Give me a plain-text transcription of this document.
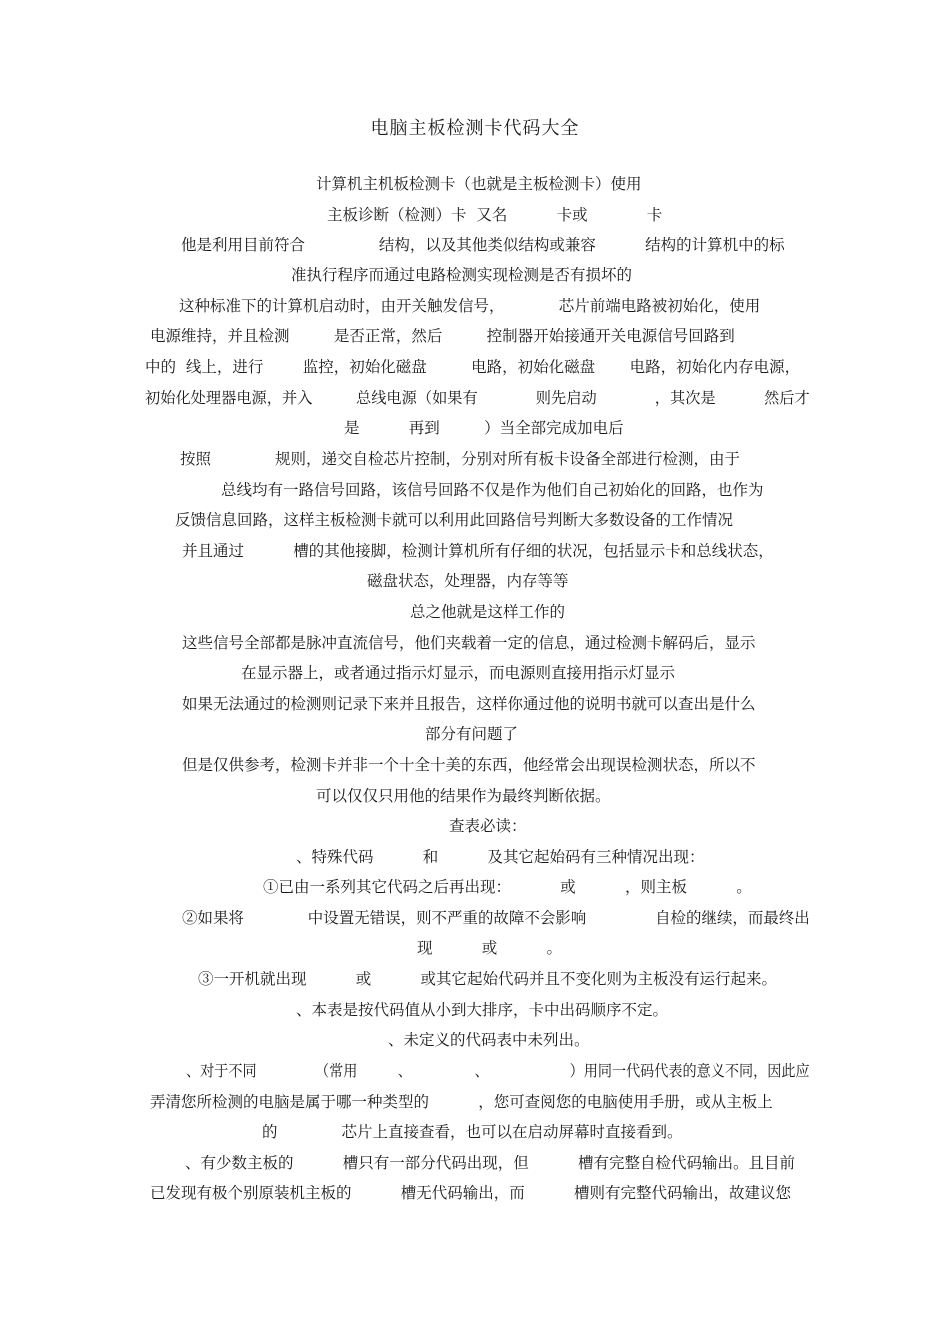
电脑主板检测卡代码大全
计算机主机板检测卡（也就是主板检测卡）使用
主板诊断（检测）卡  又名          卡或            卡
他是利用目前符合               结构，以及其他类似结构或兼容          结构的计算机中的标
准执行程序而通过电路检测实现检测是否有损坏的
这种标准下的计算机启动时，由开关触发信号，           芯片前端电路被初始化，使用
电源维持，并且检测         是否正常，然后         控制器开始接通开关电源信号回路到
中的  线上，进行        监控，初始化磁盘         电路，初始化磁盘       电路，初始化内存电源，
初始化处理器电源，并入         总线电源（如果有            则先启动            ，其次是          然后才
是          再到         ）当全部完成加电后
按照             规则，递交自检芯片控制，分别对所有板卡设备全部进行检测，由于
总线均有一路信号回路，该信号回路不仅是作为他们自己初始化的回路，也作为
反馈信息回路，这样主板检测卡就可以利用此回路信号判断大多数设备的工作情况
并且通过          槽的其他接脚，检测计算机所有仔细的状况，包括显示卡和总线状态，
磁盘状态，处理器，内存等等
总之他就是这样工作的
这些信号全部都是脉冲直流信号，他们夹载着一定的信息，通过检测卡解码后，显示
在显示器上，或者通过指示灯显示，而电源则直接用指示灯显示
如果无法通过的检测则记录下来并且报告，这样你通过他的说明书就可以查出是什么
部分有问题了
但是仅供参考，检测卡并非一个十全十美的东西，他经常会出现误检测状态，所以不
可以仅仅只用他的结果作为最终判断依据。
查表必读：
、特殊代码          和          及其它起始码有三种情况出现：
①已由一系列其它代码之后再出现：          或          ，则主板          。
②如果将             中设置无错误，则不严重的故障不会影响              自检的继续，而最终出
现          或          。
③一开机就出现          或          或其它起始代码并且不变化则为主板没有运行起来。
、本表是按代码值从小到大排序，卡中出码顺序不定。
、未定义的代码表中未列出。
、对于不同             （常用         、              、                  ）用同一代码代表的意义不同，因此应
弄清您所检测的电脑是属于哪一种类型的          ，您可查阅您的电脑使用手册，或从主板上
的             芯片上直接查看，也可以在启动屏幕时直接看到。
、有少数主板的          槽只有一部分代码出现，但          槽有完整自检代码输出。且目前
已发现有极个别原装机主板的          槽无代码输出，而          槽则有完整代码输出，故建议您
